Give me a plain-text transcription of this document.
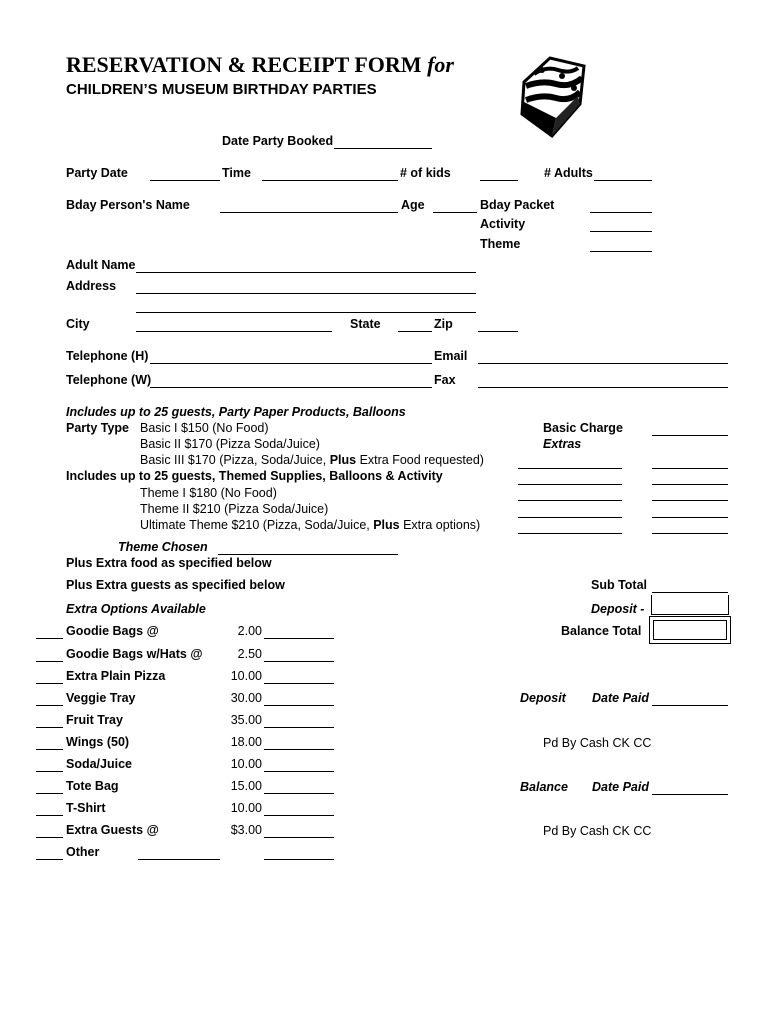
RESERVATION & RECEIPT FORM for
CHILDREN’S MUSEUM BIRTHDAY PARTIES
Date Party Booked
Party Date	Time	# of kids	# Adults
Bday Person's Name	Age	Bday Packet
Activity
Theme
Adult Name
Address
City	State	Zip
Telephone (H)	Email
Telephone (W)	Fax
Includes up to 25 guests, Party Paper Products, Balloons
Party Type Basic I $150 (No Food)
Basic II $170 (Pizza Soda/Juice)
Basic III $170 (Pizza, Soda/Juice, Plus Extra Food requested)
Includes up to 25 guests, Themed Supplies, Balloons & Activity
Theme I $180 (No Food)
Theme II $210 (Pizza Soda/Juice)
Ultimate Theme $210 (Pizza, Soda/Juice, Plus Extra options)
Basic Charge
Extras
Theme Chosen
Plus Extra food as specified below
Plus Extra guests as specified below	Sub Total
Deposit -
Balance Total
Deposit Date Paid
Pd By Cash CK CC
Balance Date Paid
Pd By Cash CK CC
Extra Options Available
Goodie Bags @	2.00
Goodie Bags w/Hats @	2.50
Extra Plain Pizza	10.00
Veggie Tray	30.00
Fruit Tray	35.00
Wings (50)	18.00
Soda/Juice	10.00
Tote Bag	15.00
T-Shirt	10.00
Extra Guests @	$3.00
Other
